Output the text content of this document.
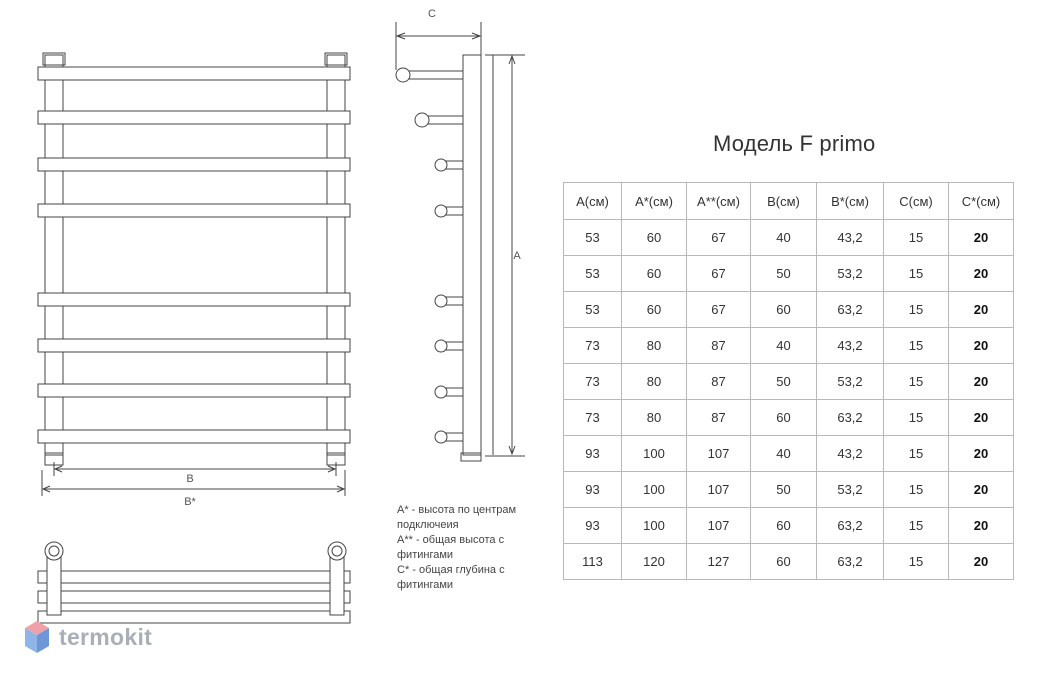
B
B*
C
A
Модель F primo
A(см)	A*(см)	A**(см)	B(см)	B*(см)	C(см)	C*(см)
53	60	67	40	43,2	15	20
53	60	67	50	53,2	15	20
53	60	67	60	63,2	15	20
73	80	87	40	43,2	15	20
73	80	87	50	53,2	15	20
73	80	87	60	63,2	15	20
93	100	107	40	43,2	15	20
93	100	107	50	53,2	15	20
93	100	107	60	63,2	15	20
113	120	127	60	63,2	15	20
A* - высота по центрам подключеия
A** - общая высота с фитингами
C* - общая глубина с фитингами
termokit
